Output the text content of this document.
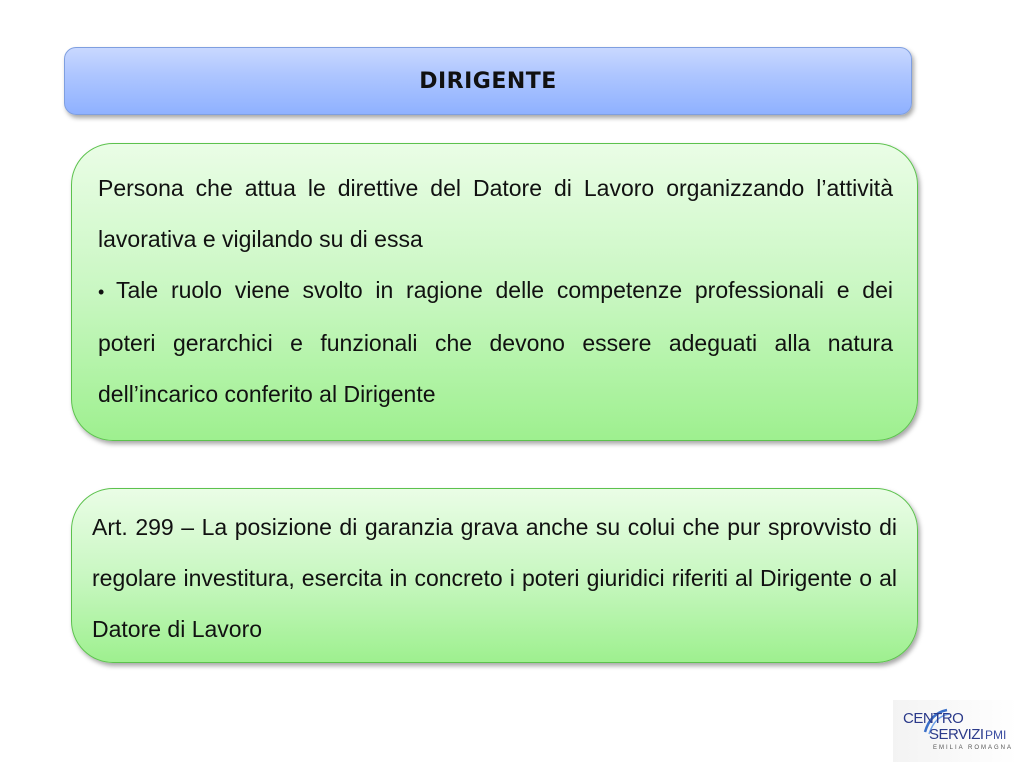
DIRIGENTE

Persona che attua le direttive del Datore di Lavoro organizzando l’attività lavorativa e vigilando su di essa

• Tale ruolo viene svolto in ragione delle competenze professionali e dei poteri gerarchici e funzionali che devono essere adeguati alla natura dell’incarico conferito al Dirigente

Art. 299 – La posizione di garanzia grava anche su colui che pur sprovvisto di regolare investitura, esercita in concreto i poteri giuridici riferiti al Dirigente o al Datore di Lavoro

CENTRO
SERVIZI PMI
EMILIA ROMAGNA
